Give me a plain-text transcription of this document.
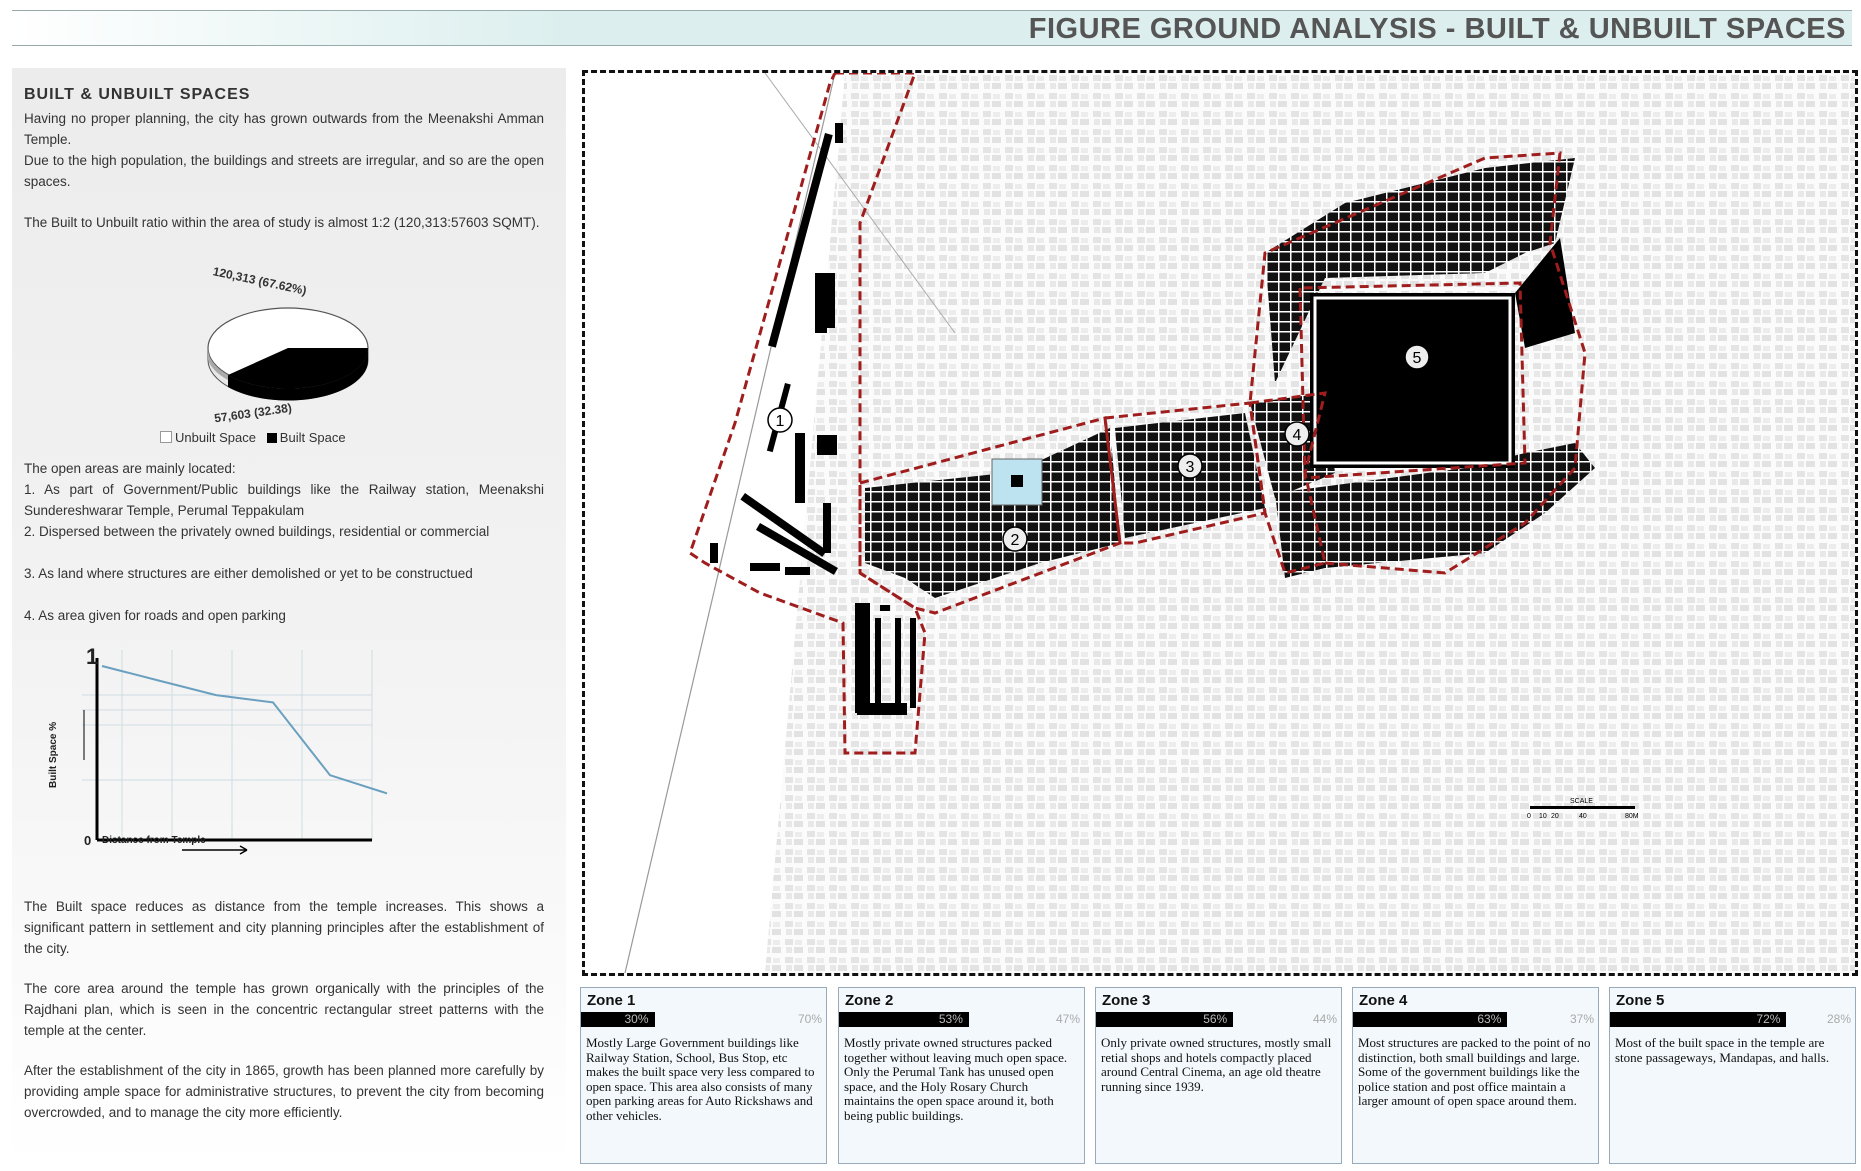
FIGURE GROUND ANALYSIS - BUILT & UNBUILT SPACES
BUILT & UNBUILT SPACES
Having no proper planning, the city has grown outwards from the Meenakshi Amman Temple.
Due to the high population, the buildings and streets are irregular, and so are the open spaces.
The Built to Unbuilt ratio within the area of study is almost 1:2 (120,313:57603 SQMT).
120,313 (67.62%)
57,603 (32.38)
Unbuilt Space Built Space
The open areas are mainly located:
1. As part of Government/Public buildings like the Railway station, Meenakshi Sundereshwarar Temple, Perumal Teppakulam
2. Dispersed between the privately owned buildings, residential or commercial
3. As land where structures are either demolished or yet to be constructued
4. As area given for roads and open parking
1
0 Distance from Temple
Built Space %
The Built space reduces as distance from the temple increases. This shows a significant pattern in settlement and city planning principles after the establishment of the city.
The core area around the temple has grown organically with the principles of the Rajdhani plan, which is seen in the concentric rectangular street patterns with the temple at the center.
After the establishment of the city in 1865, growth has been planned more carefully by providing ample space for administrative structures, to prevent the city from becoming overcrowded, and to manage the city more efficiently.
1
2
3
4
5
SCALE
0 10 20	40	80M
Zone 1
30%	70%
Mostly Large Government buildings like Railway Station, School, Bus Stop, etc makes the built space very less compared to open space. This area also consists of many open parking areas for Auto Rickshaws and other vehicles.
Zone 2
53%	47%
Mostly private owned structures packed together without leaving much open space. Only the Perumal Tank has unused open space, and the Holy Rosary Church maintains the open space around it, both being public buildings.
Zone 3
56%	44%
Only private owned structures, mostly small retial shops and hotels compactly placed around Central Cinema, an age old theatre running since 1939.
Zone 4
63%	37%
Most structures are packed to the point of no distinction, both small buildings and large. Some of the government buildings like the police station and post office maintain a larger amount of open space around them.
Zone 5
72%	28%
Most of the built space in the temple are stone passageways, Mandapas, and halls.
